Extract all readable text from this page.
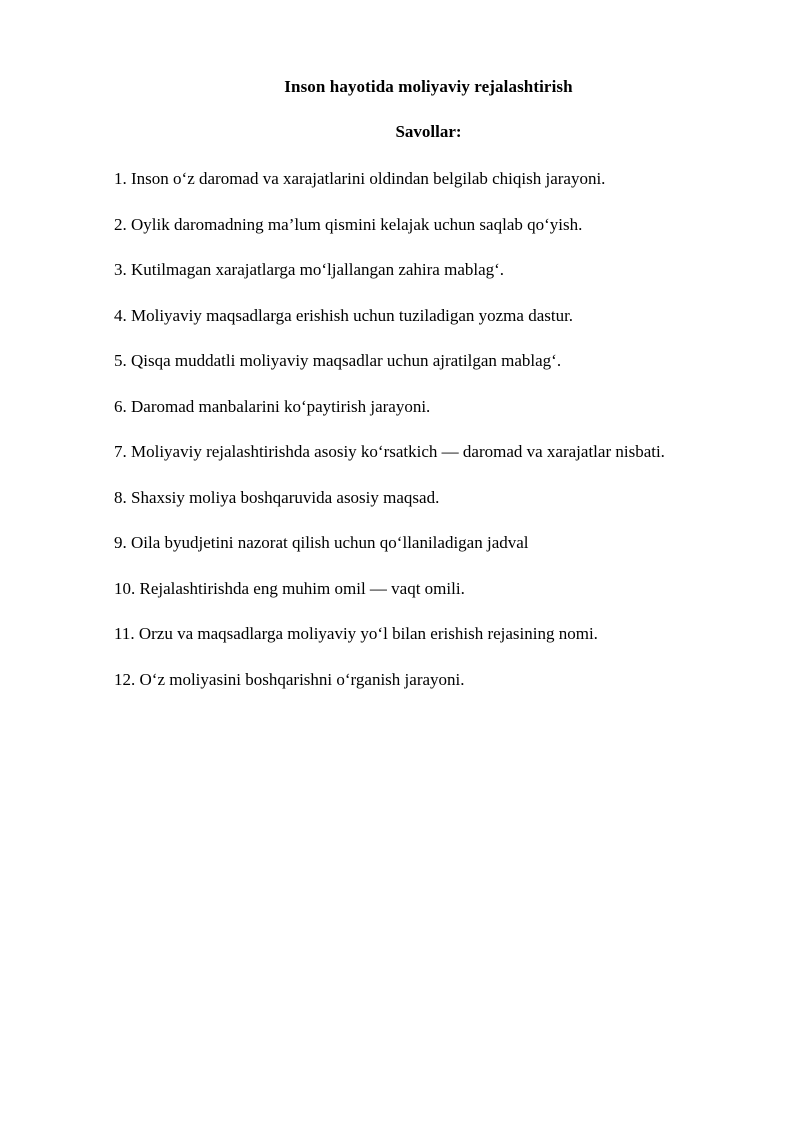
Inson hayotida moliyaviy rejalashtirish
Savollar:
1. Inson o‘z daromad va xarajatlarini oldindan belgilab chiqish jarayoni.
2. Oylik daromadning ma’lum qismini kelajak uchun saqlab qo‘yish.
3. Kutilmagan xarajatlarga mo‘ljallangan zahira mablag‘.
4. Moliyaviy maqsadlarga erishish uchun tuziladigan yozma dastur.
5. Qisqa muddatli moliyaviy maqsadlar uchun ajratilgan mablag‘.
6. Daromad manbalarini ko‘paytirish jarayoni.
7. Moliyaviy rejalashtirishda asosiy ko‘rsatkich — daromad va xarajatlar nisbati.
8. Shaxsiy moliya boshqaruvida asosiy maqsad.
9. Oila byudjetini nazorat qilish uchun qo‘llaniladigan jadval
10. Rejalashtirishda eng muhim omil — vaqt omili.
11. Orzu va maqsadlarga moliyaviy yo‘l bilan erishish rejasining nomi.
12. O‘z moliyasini boshqarishni o‘rganish jarayoni.
